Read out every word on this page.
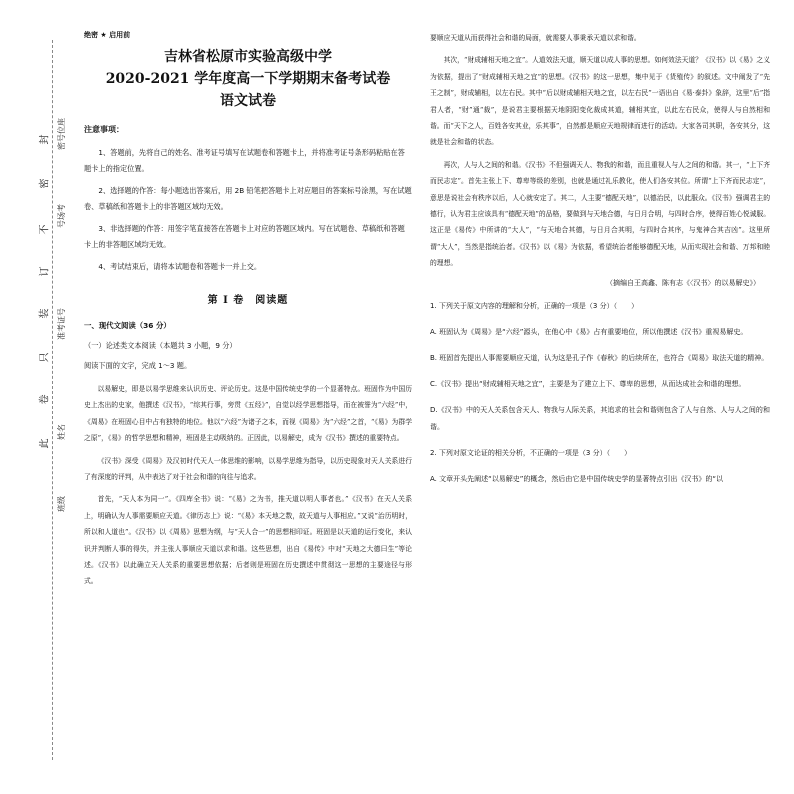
密号位座
号场考
准考证号
姓名
班级
封
密
不
订
装
只
卷
此

绝密 ★ 启用前

吉林省松原市实验高级中学

2020-2021 学年度高一下学期期末备考试卷

语文试卷

注意事项：

1、答题前，先将自己的姓名、准考证号填写在试题卷和答题卡上，并将准考证号条形码粘贴在答题卡上的指定位置。

2、选择题的作答：每小题选出答案后，用 2B 铅笔把答题卡上对应题目的答案标号涂黑，写在试题卷、草稿纸和答题卡上的非答题区域均无效。

3、非选择题的作答：用签字笔直接答在答题卡上对应的答题区域内。写在试题卷、草稿纸和答题卡上的非答题区域均无效。

4、考试结束后，请将本试题卷和答题卡一并上交。

第 Ⅰ 卷　阅读题

一、现代文阅读（36 分）

（一）论述类文本阅读（本题共 3 小题，9 分）

阅读下面的文字，完成 1～3 题。

以易解史，即是以易学思维来认识历史、评论历史。这是中国传统史学的一个显著特点。班固作为中国历史上杰出的史家，他撰述《汉书》，“综其行事，旁贯《五经》”，自觉以经学思想指导，而在被誉为“六经”中，《周易》在班固心目中占有独特的地位。他以“六经”为诸子之本，而视《周易》为“六经”之首，“《易》为群学之原”，《易》的哲学思想和精神，班固是主动吸纳的。正因此，以易解史，成为《汉书》撰述的重要特点。

《汉书》深受《周易》及汉初时代天人一体思维的影响，以易学思维为指导，以历史现象对天人关系进行了有深度的评判，从中表达了对于社会和谐的向往与追求。

首先，“天人本为同一”。《四库全书》说：“《易》之为书，推天道以明人事者也。”《汉书》在天人关系上，明确认为人事需要顺应天道。《律历志上》说：“《易》本天地之数，故天道与人事相应。”又说“治历明时，所以和人道也”。《汉书》以《周易》思想为纲，与“天人合一”的思想相印证。班固是以天道的运行变化，来认识并判断人事的得失，并主张人事顺应天道以求和谐。这些思想，出自《易传》中对“天地之大德曰生”等论述。《汉书》以此确立天人关系的重要思想依据；后者则是班固在历史撰述中贯彻这一思想的主要途径与形式。

要顺应天道从而获得社会和谐的局面，就需要人事秉承天道以求和谐。

其次，“财成辅相天地之宜”。人道效法天道，顺天道以成人事的思想。如何效法天道？《汉书》以《易》之义为依据，提出了“财成辅相天地之宜”的思想。《汉书》的这一思想，集中见于《货殖传》的叙述。文中阐发了“先王之制”，财成辅相，以左右民。其中“后以财成辅相天地之宜，以左右民”一语出自《易·泰卦》象辞，这里“后”指君人者，“财”通“裁”，是说君主要根据天地阴阳变化裁成其道，辅相其宜，以此左右民众，使得人与自然相和谐。而“天下之人，百姓各安其业，乐其事”，自然都是顺应天地规律而进行的活动。大家各司其职，各安其分，这就是社会和谐的状态。

再次，人与人之间的和谐。《汉书》不但强调天人、物我的和谐，而且重视人与人之间的和谐。其一，“上下齐而民志定”。首先主张上下、尊卑等级的差别，也就是通过礼乐教化，使人们各安其位。所谓“上下齐而民志定”，意思是说社会有秩序以后，人心就安定了。其二，人主要“德配天地”，以德治民，以此服众。《汉书》强调君主的德行，认为君主应该具有“德配天地”的品格，要做到与天地合德，与日月合明，与四时合序，使得百姓心悦诚服。这正是《易传》中所讲的“大人”，“与天地合其德，与日月合其明，与四时合其序，与鬼神合其吉凶”。这里所谓“大人”，当然是指统治者。《汉书》以《易》为依据，希望统治者能够德配天地，从而实现社会和谐、万邦和睦的理想。

（摘编自王高鑫、陈有志《〈汉书〉的以易解史》）

1. 下列关于原文内容的理解和分析，正确的一项是（3 分）（　　）

A. 班固认为《周易》是“六经”源头，在他心中《易》占有重要地位，所以他撰述《汉书》重视易解史。

B. 班固首先提出人事需要顺应天道，认为这是孔子作《春秋》的后续所在，也符合《周易》取法天道的精神。

C.《汉书》提出“财成辅相天地之宜”，主要是为了建立上下、尊卑的思想，从而达成社会和谐的理想。

D.《汉书》中的天人关系包含天人、物我与人际关系，其追求的社会和谐则包含了人与自然、人与人之间的和谐。

2. 下列对原文论证的相关分析，不正确的一项是（3 分）（　　）

A. 文章开头先阐述“以易解史”的概念，然后由它是中国传统史学的显著特点引出《汉书》的“以
